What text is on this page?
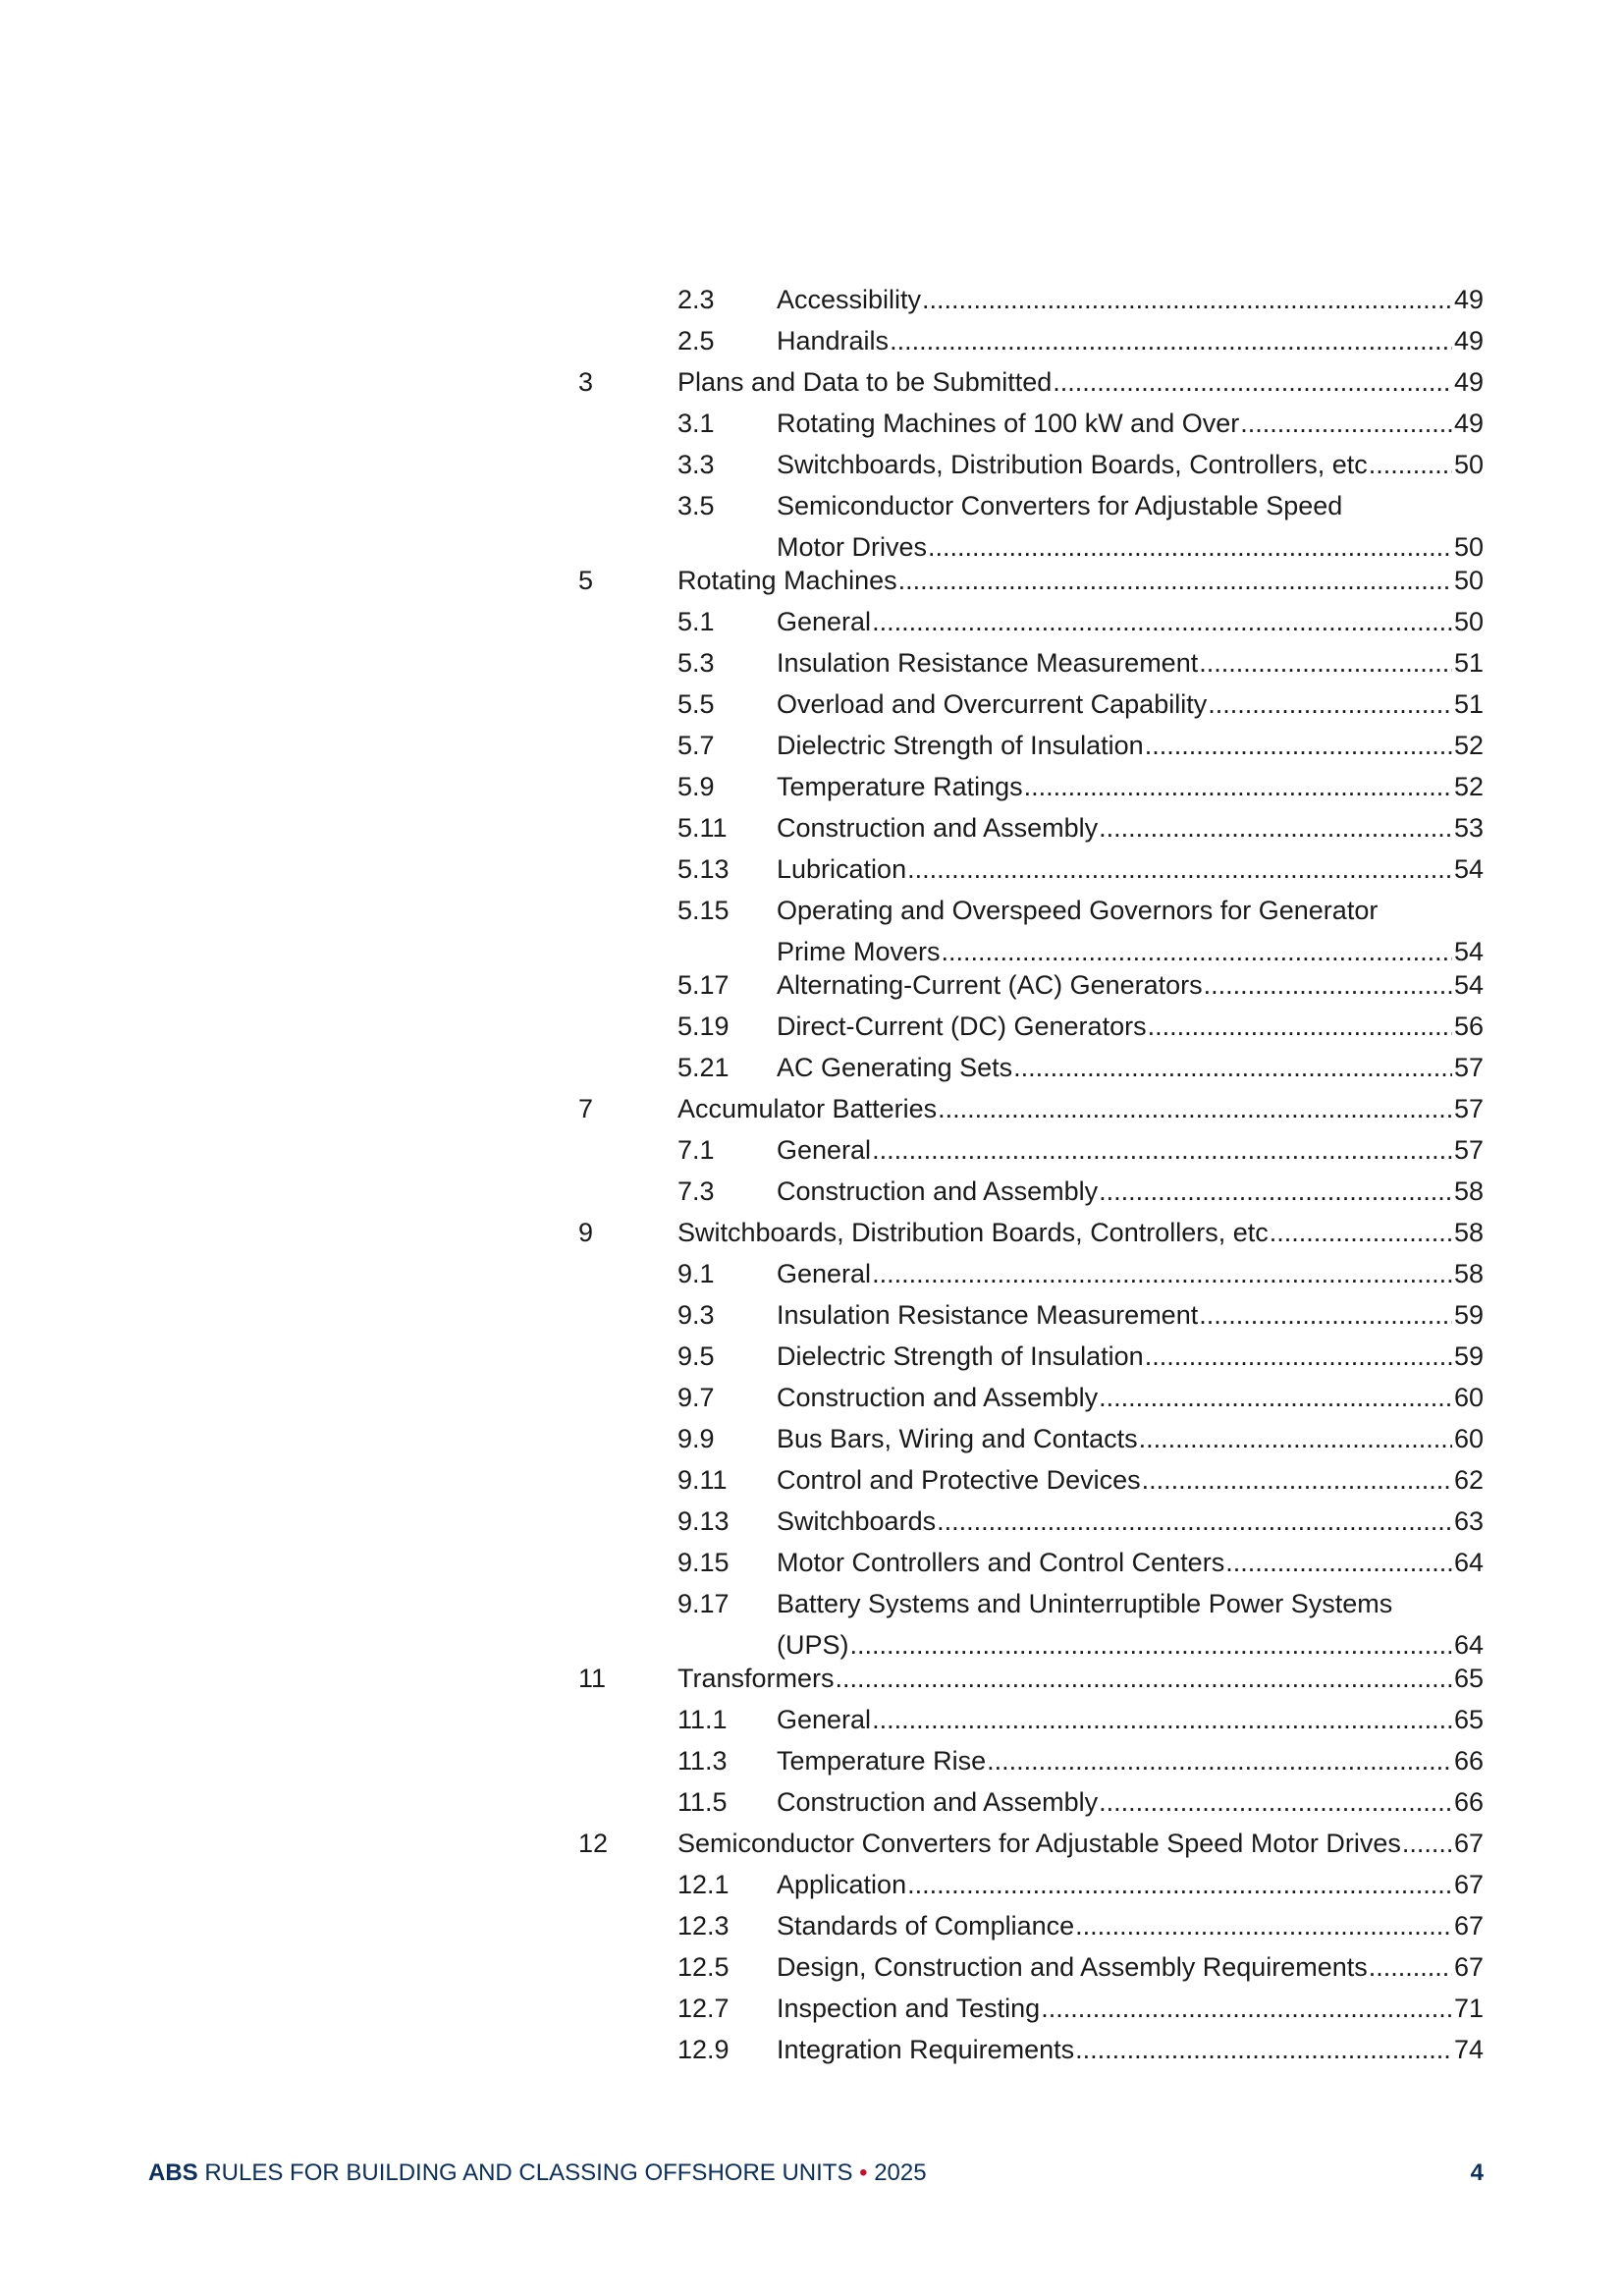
2.3 Accessibility .....	49
2.5 Handrails .....	49
3	Plans and Data to be Submitted .....	49
3.1 Rotating Machines of 100 kW and Over .....	49
3.3 Switchboards, Distribution Boards, Controllers, etc .....	50
3.5 Semiconductor Converters for Adjustable Speed
Motor Drives .....	50
5	Rotating Machines .....	50
5.1 General .....	50
5.3 Insulation Resistance Measurement .....	51
5.5 Overload and Overcurrent Capability .....	51
5.7 Dielectric Strength of Insulation .....	52
5.9 Temperature Ratings .....	52
5.11 Construction and Assembly .....	53
5.13 Lubrication .....	54
5.15 Operating and Overspeed Governors for Generator
Prime Movers .....	54
5.17 Alternating-Current (AC) Generators .....	54
5.19 Direct-Current (DC) Generators .....	56
5.21 AC Generating Sets .....	57
7	Accumulator Batteries .....	57
7.1 General .....	57
7.3 Construction and Assembly .....	58
9	Switchboards, Distribution Boards, Controllers, etc .....	58
9.1 General .....	58
9.3 Insulation Resistance Measurement .....	59
9.5 Dielectric Strength of Insulation .....	59
9.7 Construction and Assembly .....	60
9.9 Bus Bars, Wiring and Contacts .....	60
9.11 Control and Protective Devices .....	62
9.13 Switchboards .....	63
9.15 Motor Controllers and Control Centers .....	64
9.17 Battery Systems and Uninterruptible Power Systems
(UPS) .....	64
11	Transformers .....	65
11.1 General .....	65
11.3 Temperature Rise .....	66
11.5 Construction and Assembly .....	66
12	Semiconductor Converters for Adjustable Speed Motor Drives ..... 67
12.1 Application .....	67
12.3 Standards of Compliance .....	67
12.5 Design, Construction and Assembly Requirements .....	67
12.7 Inspection and Testing .....	71
12.9 Integration Requirements .....	74
ABS RULES FOR BUILDING AND CLASSING OFFSHORE UNITS • 2025	4
